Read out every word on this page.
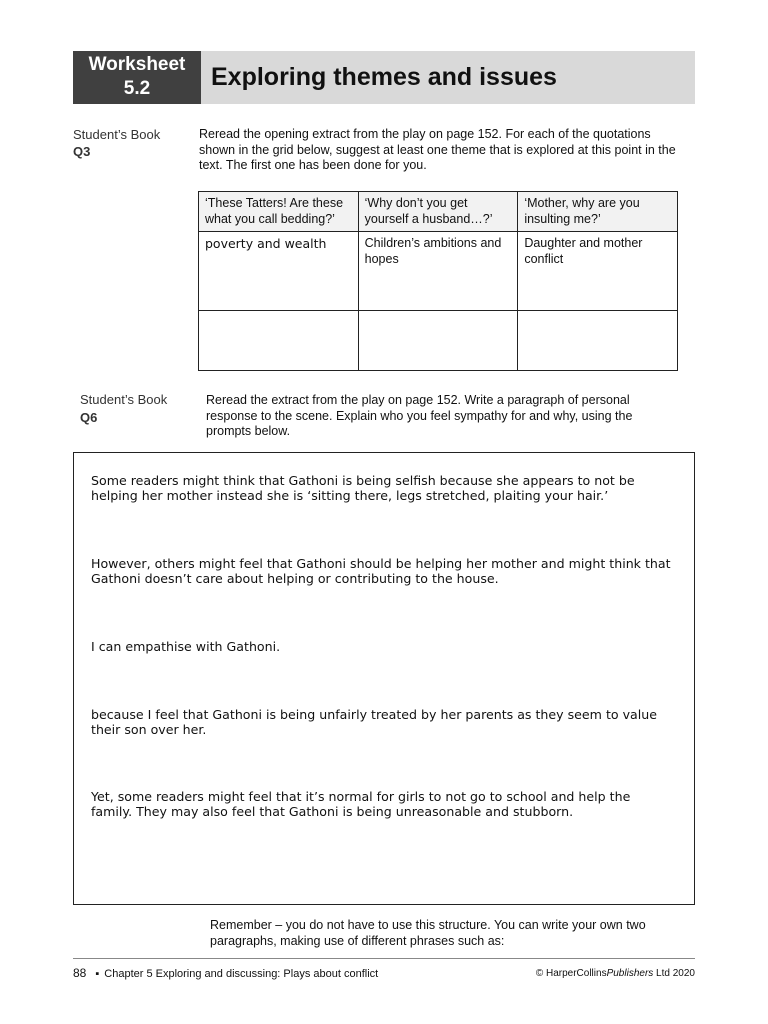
Worksheet
5.2	Exploring themes and issues
Student’s Book
Q3
Reread the opening extract from the play on page 152. For each of the quotations shown in the grid below, suggest at least one theme that is explored at this point in the text. The first one has been done for you.
‘These Tatters! Are these what you call bedding?’	‘Why don’t you get yourself a husband…?’	‘Mother, why are you insulting me?’
poverty and wealth	Children’s ambitions and hopes	Daughter and mother conflict

Student’s Book
Q6
Reread the extract from the play on page 152. Write a paragraph of personal response to the scene. Explain who you feel sympathy for and why, using the prompts below.
Some readers might think that Gathoni is being selfish because she appears to not be helping her mother instead she is ‘sitting there, legs stretched, plaiting your hair.’
However, others might feel that Gathoni should be helping her mother and might think that Gathoni doesn’t care about helping or contributing to the house.
I can empathise with Gathoni.
because I feel that Gathoni is being unfairly treated by her parents as they seem to value their son over her.
Yet, some readers might feel that it’s normal for girls to not go to school and help the family. They may also feel that Gathoni is being unreasonable and stubborn.
Remember – you do not have to use this structure. You can write your own two paragraphs, making use of different phrases such as:
88 ▪ Chapter 5 Exploring and discussing: Plays about conflict	© HarperCollinsPublishers Ltd 2020
